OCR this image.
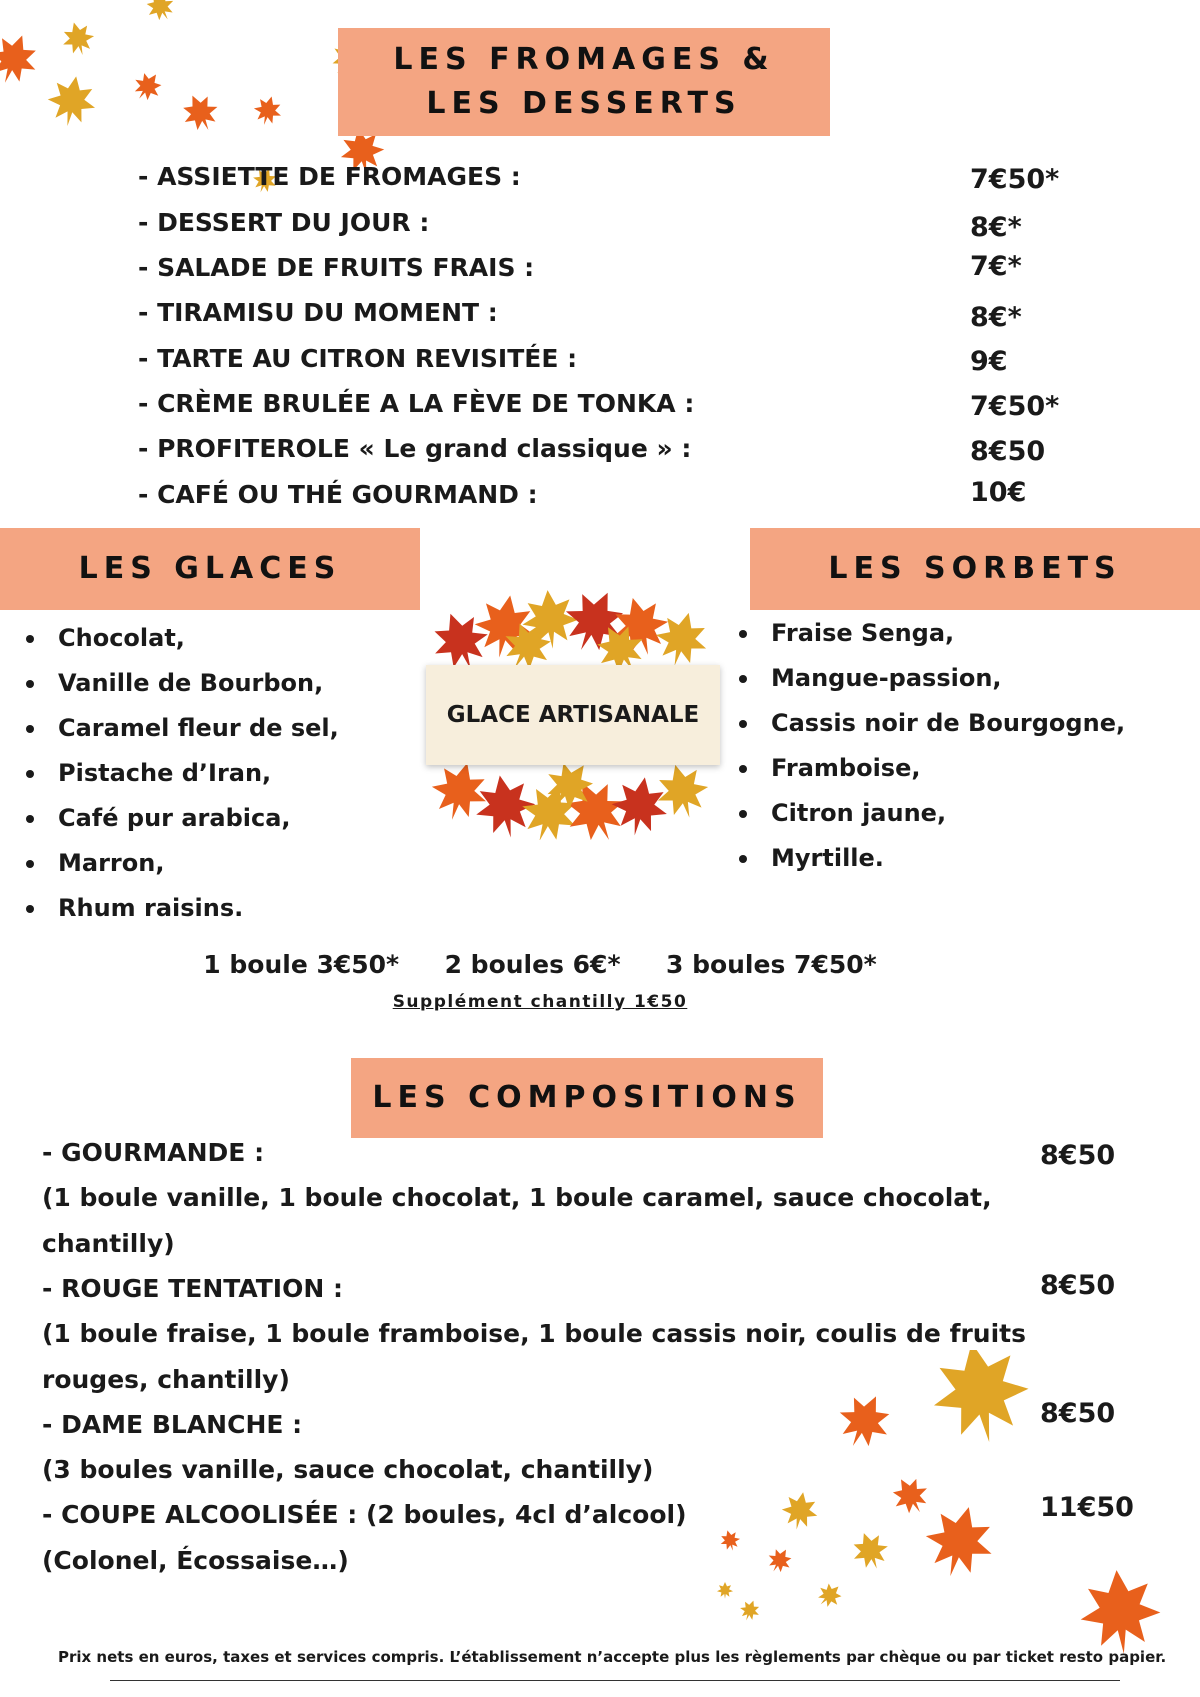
LES FROMAGES &
LES DESSERTS
- ASSIETTE DE FROMAGES :	7€50*
- DESSERT DU JOUR :	8€*
- SALADE DE FRUITS FRAIS :	7€*
- TIRAMISU DU MOMENT :	8€*
- TARTE AU CITRON REVISITÉE :	9€
- CRÈME BRULÉE A LA FÈVE DE TONKA :	7€50*
- PROFITEROLE « Le grand classique » :	8€50
- CAFÉ OU THÉ GOURMAND :	10€
LES GLACES	LES SORBETS
Chocolat,
Vanille de Bourbon,
Caramel fleur de sel,
Pistache d’Iran,
Café pur arabica,
Marron,
Rhum raisins.
Fraise Senga,
Mangue-passion,
Cassis noir de Bourgogne,
Framboise,
Citron jaune,
Myrtille.
GLACE ARTISANALE
1 boule 3€50* 2 boules 6€* 3 boules 7€50*
Supplément chantilly 1€50
LES COMPOSITIONS
- GOURMANDE :	8€50
(1 boule vanille, 1 boule chocolat, 1 boule caramel, sauce chocolat,
chantilly)
- ROUGE TENTATION :	8€50
(1 boule fraise, 1 boule framboise, 1 boule cassis noir, coulis de fruits
rouges, chantilly)
- DAME BLANCHE :	8€50
(3 boules vanille, sauce chocolat, chantilly)
- COUPE ALCOOLISÉE : (2 boules, 4cl d’alcool)	11€50
(Colonel, Écossaise…)
Prix nets en euros, taxes et services compris. L’établissement n’accepte plus les règlements par chèque ou par ticket resto papier.
